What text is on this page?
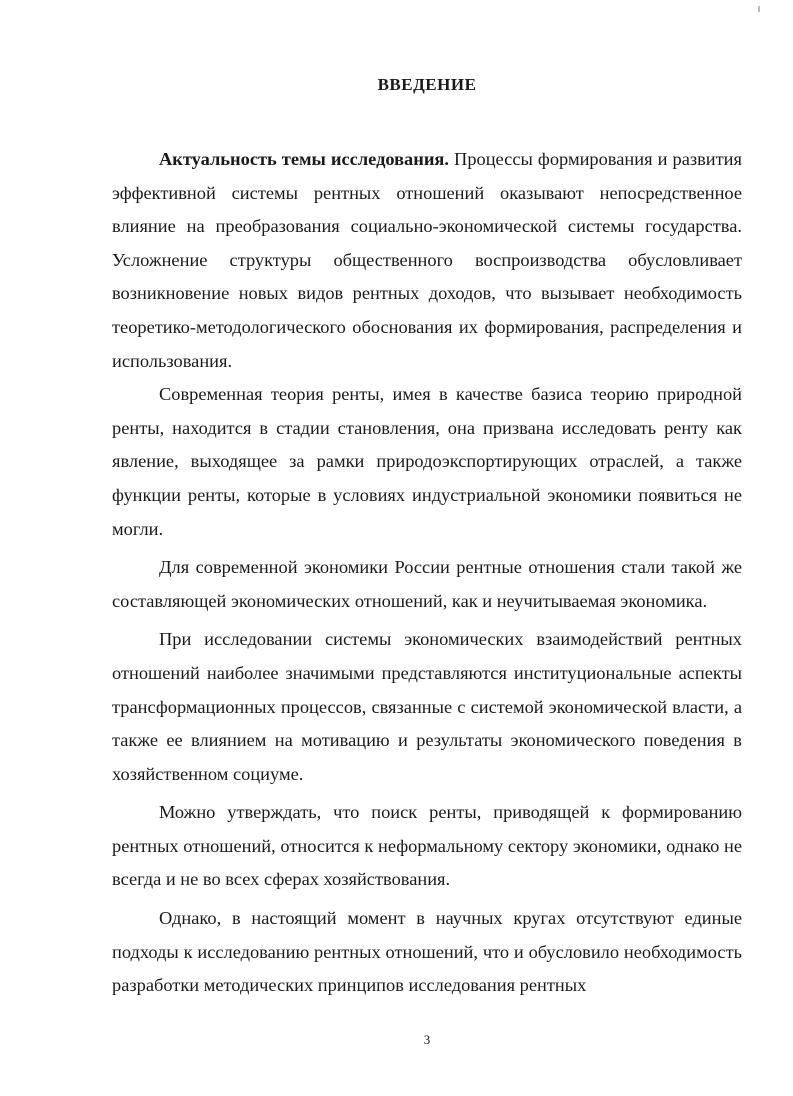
ВВЕДЕНИЕ

Актуальность темы исследования. Процессы формирования и развития эффективной системы рентных отношений оказывают непосредственное влияние на преобразования социально-экономической системы государства. Усложнение структуры общественного воспроизводства обусловливает возникновение новых видов рентных доходов, что вызывает необходимость теоретико-методологического обоснования их формирования, распределения и использования.

Современная теория ренты, имея в качестве базиса теорию природной ренты, находится в стадии становления, она призвана исследовать ренту как явление, выходящее за рамки природоэкспортирующих отраслей, а также функции ренты, которые в условиях индустриальной экономики появиться не могли.

Для современной экономики России рентные отношения стали такой же составляющей экономических отношений, как и неучитываемая экономика.

При исследовании системы экономических взаимодействий рентных отношений наиболее значимыми представляются институциональные аспекты трансформационных процессов, связанные с системой экономической власти, а также ее влиянием на мотивацию и результаты экономического поведения в хозяйственном социуме.

Можно утверждать, что поиск ренты, приводящей к формированию рентных отношений, относится к неформальному сектору экономики, однако не всегда и не во всех сферах хозяйствования.

Однако, в настоящий момент в научных кругах отсутствуют единые подходы к исследованию рентных отношений, что и обусловило необходимость разработки методических принципов исследования рентных

3
